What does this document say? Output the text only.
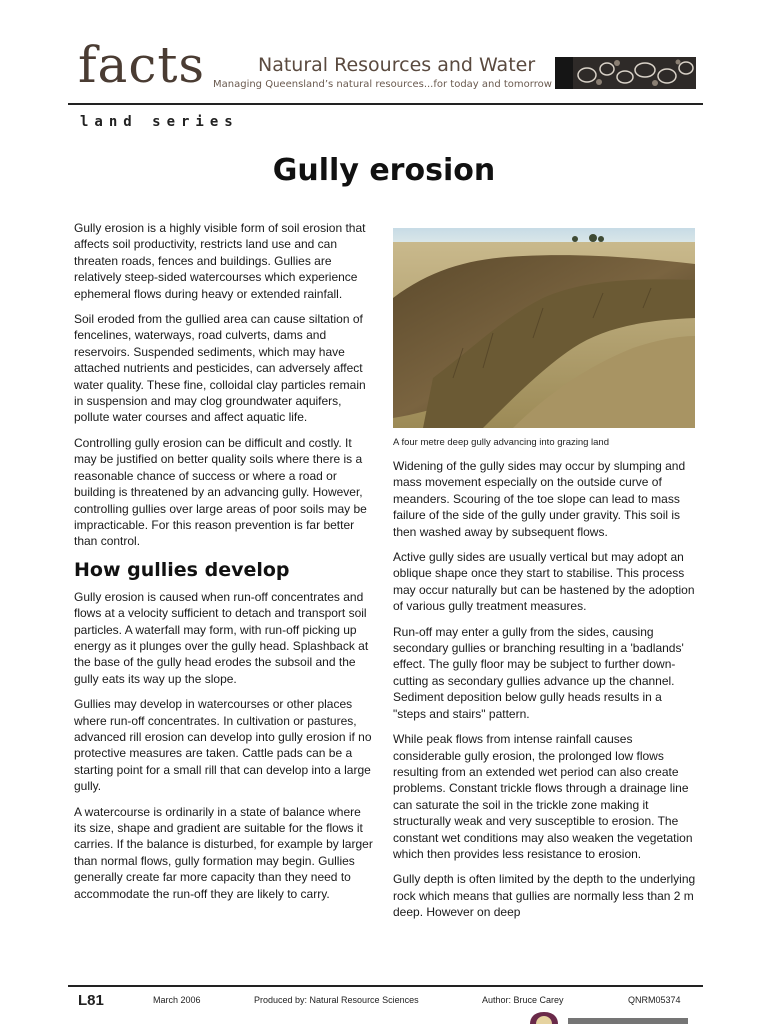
facts	Natural Resources and Water
Managing Queensland’s natural resources...for today and tomorrow
land series
Gully erosion

Gully erosion is a highly visible form of soil erosion that affects soil productivity, restricts land use and can threaten roads, fences and buildings. Gullies are relatively steep-sided watercourses which experience ephemeral flows during heavy or extended rainfall.

Soil eroded from the gullied area can cause siltation of fencelines, waterways, road culverts, dams and reservoirs. Suspended sediments, which may have attached nutrients and pesticides, can adversely affect water quality. These fine, colloidal clay particles remain in suspension and may clog groundwater aquifers, pollute water courses and affect aquatic life.

Controlling gully erosion can be difficult and costly. It may be justified on better quality soils where there is a reasonable chance of success or where a road or building is threatened by an advancing gully. However, controlling gullies over large areas of poor soils may be impracticable. For this reason prevention is far better than control.

How gullies develop

Gully erosion is caused when run-off concentrates and flows at a velocity sufficient to detach and transport soil particles. A waterfall may form, with run-off picking up energy as it plunges over the gully head. Splashback at the base of the gully head erodes the subsoil and the gully eats its way up the slope.

Gullies may develop in watercourses or other places where run-off concentrates. In cultivation or pastures, advanced rill erosion can develop into gully erosion if no protective measures are taken. Cattle pads can be a starting point for a small rill that can develop into a large gully.

A watercourse is ordinarily in a state of balance where its size, shape and gradient are suitable for the flows it carries. If the balance is disturbed, for example by larger than normal flows, gully formation may begin. Gullies generally create far more capacity than they need to accommodate the run-off they are likely to carry.

A four metre deep gully advancing into grazing land

Widening of the gully sides may occur by slumping and mass movement especially on the outside curve of meanders. Scouring of the toe slope can lead to mass failure of the side of the gully under gravity. This soil is then washed away by subsequent flows.

Active gully sides are usually vertical but may adopt an oblique shape once they start to stabilise. This process may occur naturally but can be hastened by the adoption of various gully treatment measures.

Run-off may enter a gully from the sides, causing secondary gullies or branching resulting in a 'badlands' effect. The gully floor may be subject to further down-cutting as secondary gullies advance up the channel. Sediment deposition below gully heads results in a "steps and stairs" pattern.

While peak flows from intense rainfall causes considerable gully erosion, the prolonged low flows resulting from an extended wet period can also create problems. Constant trickle flows through a drainage line can saturate the soil in the trickle zone making it structurally weak and very susceptible to erosion. The constant wet conditions may also weaken the vegetation which then provides less resistance to erosion.

Gully depth is often limited by the depth to the underlying rock which means that gullies are normally less than 2 m deep. However on deep

L81	March 2006	Produced by: Natural Resource Sciences	Author: Bruce Carey	QNRM05374
